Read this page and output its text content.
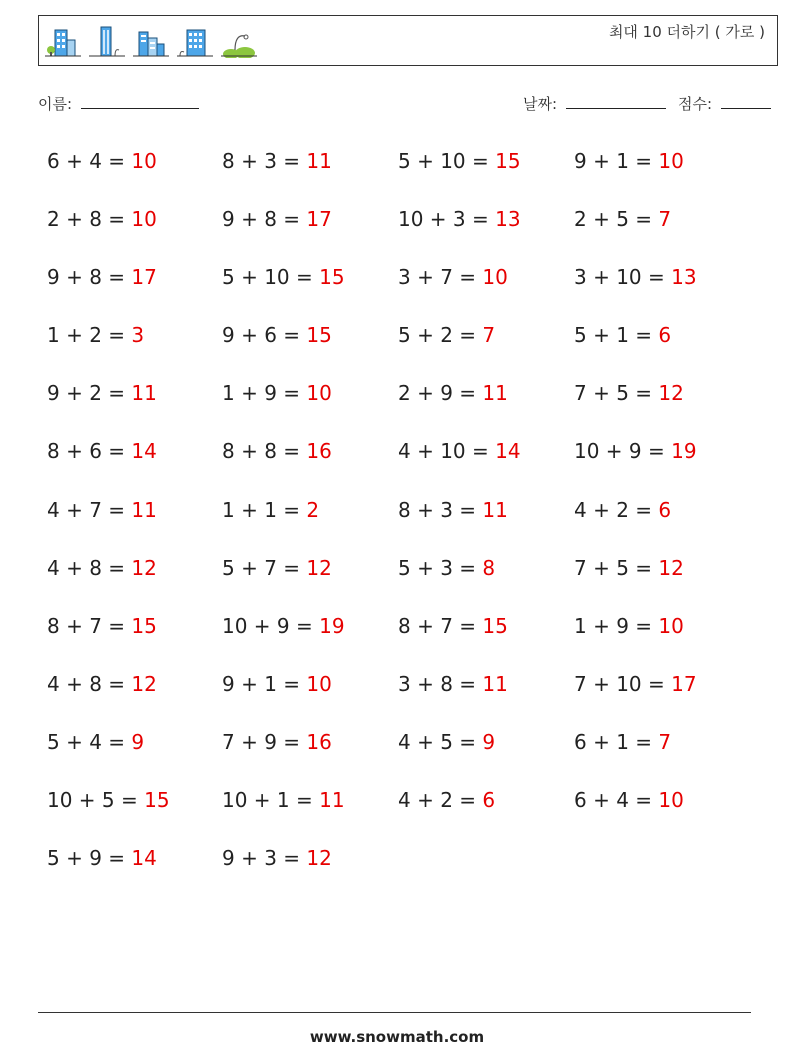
최대 10 더하기 ( 가로 )
이름:	날짜:	점수:
6 + 4 = 10	8 + 3 = 11	5 + 10 = 15	9 + 1 = 10
2 + 8 = 10	9 + 8 = 17	10 + 3 = 13	2 + 5 = 7
9 + 8 = 17	5 + 10 = 15	3 + 7 = 10	3 + 10 = 13
1 + 2 = 3	9 + 6 = 15	5 + 2 = 7	5 + 1 = 6
9 + 2 = 11	1 + 9 = 10	2 + 9 = 11	7 + 5 = 12
8 + 6 = 14	8 + 8 = 16	4 + 10 = 14	10 + 9 = 19
4 + 7 = 11	1 + 1 = 2	8 + 3 = 11	4 + 2 = 6
4 + 8 = 12	5 + 7 = 12	5 + 3 = 8	7 + 5 = 12
8 + 7 = 15	10 + 9 = 19	8 + 7 = 15	1 + 9 = 10
4 + 8 = 12	9 + 1 = 10	3 + 8 = 11	7 + 10 = 17
5 + 4 = 9	7 + 9 = 16	4 + 5 = 9	6 + 1 = 7
10 + 5 = 15	10 + 1 = 11	4 + 2 = 6	6 + 4 = 10
5 + 9 = 14	9 + 3 = 12
www.snowmath.com
